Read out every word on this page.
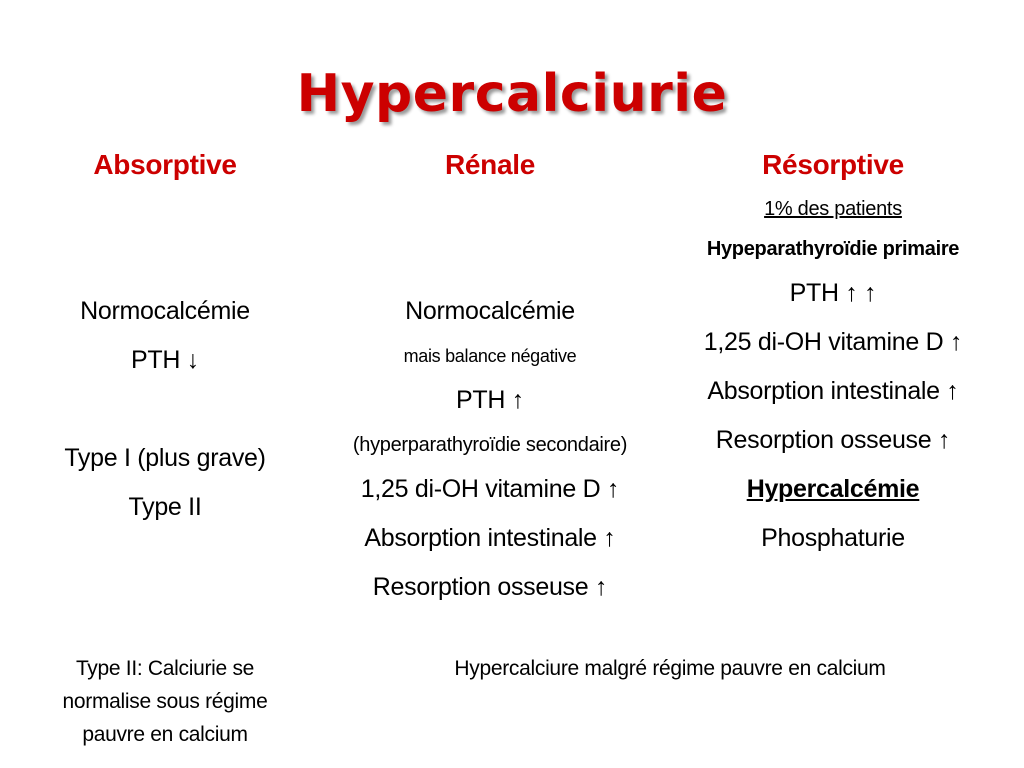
Hypercalciurie
Absorptive
Normocalcémie
PTH ↓
Type I (plus grave)
Type II
Rénale
Normocalcémie
mais balance négative
PTH ↑
(hyperparathyroïdie secondaire)
1,25 di-OH vitamine D ↑
Absorption intestinale ↑
Resorption osseuse ↑
Résorptive
1% des patients
Hypeparathyroïdie primaire
PTH ↑ ↑
1,25 di-OH vitamine D ↑
Absorption intestinale ↑
Resorption osseuse ↑
Hypercalcémie
Phosphaturie
Type II: Calciurie se
normalise sous régime
pauvre en calcium
Hypercalciure malgré régime pauvre en calcium
